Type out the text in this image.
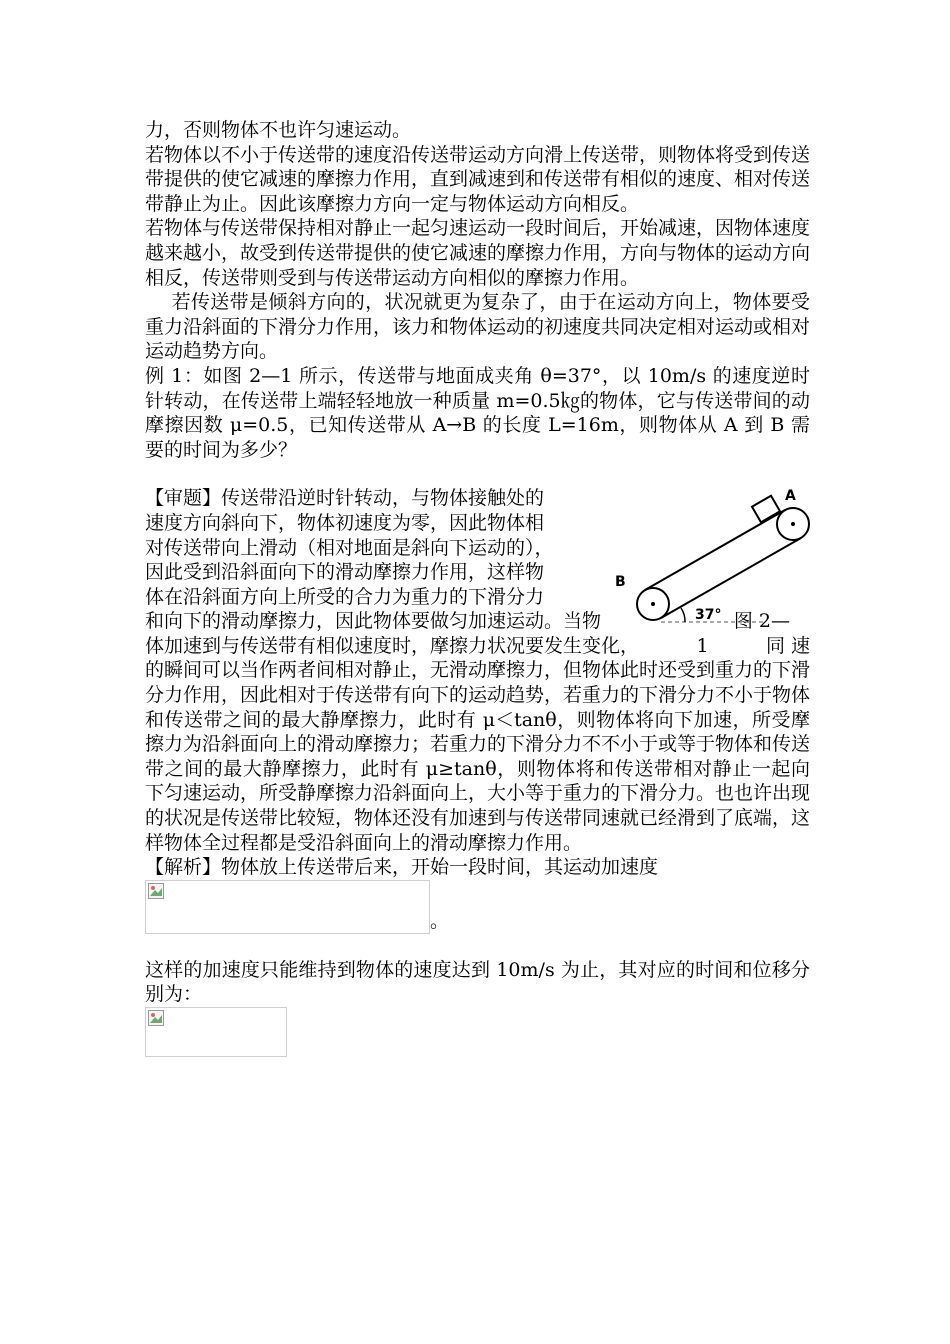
力，否则物体不也许匀速运动。

若物体以不小于传送带的速度沿传送带运动方向滑上传送带，则物体将受到传送带提供的使它减速的摩擦力作用，直到减速到和传送带有相似的速度、相对传送带静止为止。因此该摩擦力方向一定与物体运动方向相反。

若物体与传送带保持相对静止一起匀速运动一段时间后，开始减速，因物体速度越来越小，故受到传送带提供的使它减速的摩擦力作用，方向与物体的运动方向相反，传送带则受到与传送带运动方向相似的摩擦力作用。

若传送带是倾斜方向的，状况就更为复杂了，由于在运动方向上，物体要受重力沿斜面的下滑分力作用，该力和物体运动的初速度共同决定相对运动或相对运动趋势方向。

例 1：如图 2—1 所示，传送带与地面成夹角 θ=37°，以 10m/s 的速度逆时针转动，在传送带上端轻轻地放一种质量 m=0.5㎏的物体，它与传送带间的动摩擦因数 μ=0.5，已知传送带从 A→B 的长度 L=16m，则物体从 A 到 B 需要的时间为多少？

【审题】传送带沿逆时针转动，与物体接触处的
速度方向斜向下，物体初速度为零，因此物体相
对传送带向上滑动（相对地面是斜向下运动的），
因此受到沿斜面向下的滑动摩擦力作用，这样物
体在沿斜面方向上所受的合力为重力的下滑分力
A
B
37°
和向下的滑动摩擦力，因此物体要做匀加速运动。当物	图 2—
体加速到与传送带有相似速度时，摩擦力状况要发生变化，	1	同 速

的瞬间可以当作两者间相对静止，无滑动摩擦力，但物体此时还受到重力的下滑分力作用，因此相对于传送带有向下的运动趋势，若重力的下滑分力不小于物体和传送带之间的最大静摩擦力，此时有 μ＜tanθ，则物体将向下加速，所受摩擦力为沿斜面向上的滑动摩擦力；若重力的下滑分力不不小于或等于物体和传送带之间的最大静摩擦力，此时有 μ≥tanθ，则物体将和传送带相对静止一起向下匀速运动，所受静摩擦力沿斜面向上，大小等于重力的下滑分力。也也许出现的状况是传送带比较短，物体还没有加速到与传送带同速就已经滑到了底端，这样物体全过程都是受沿斜面向上的滑动摩擦力作用。

【解析】物体放上传送带后来，开始一段时间，其运动加速度

。

这样的加速度只能维持到物体的速度达到 10m/s 为止，其对应的时间和位移分别为：
